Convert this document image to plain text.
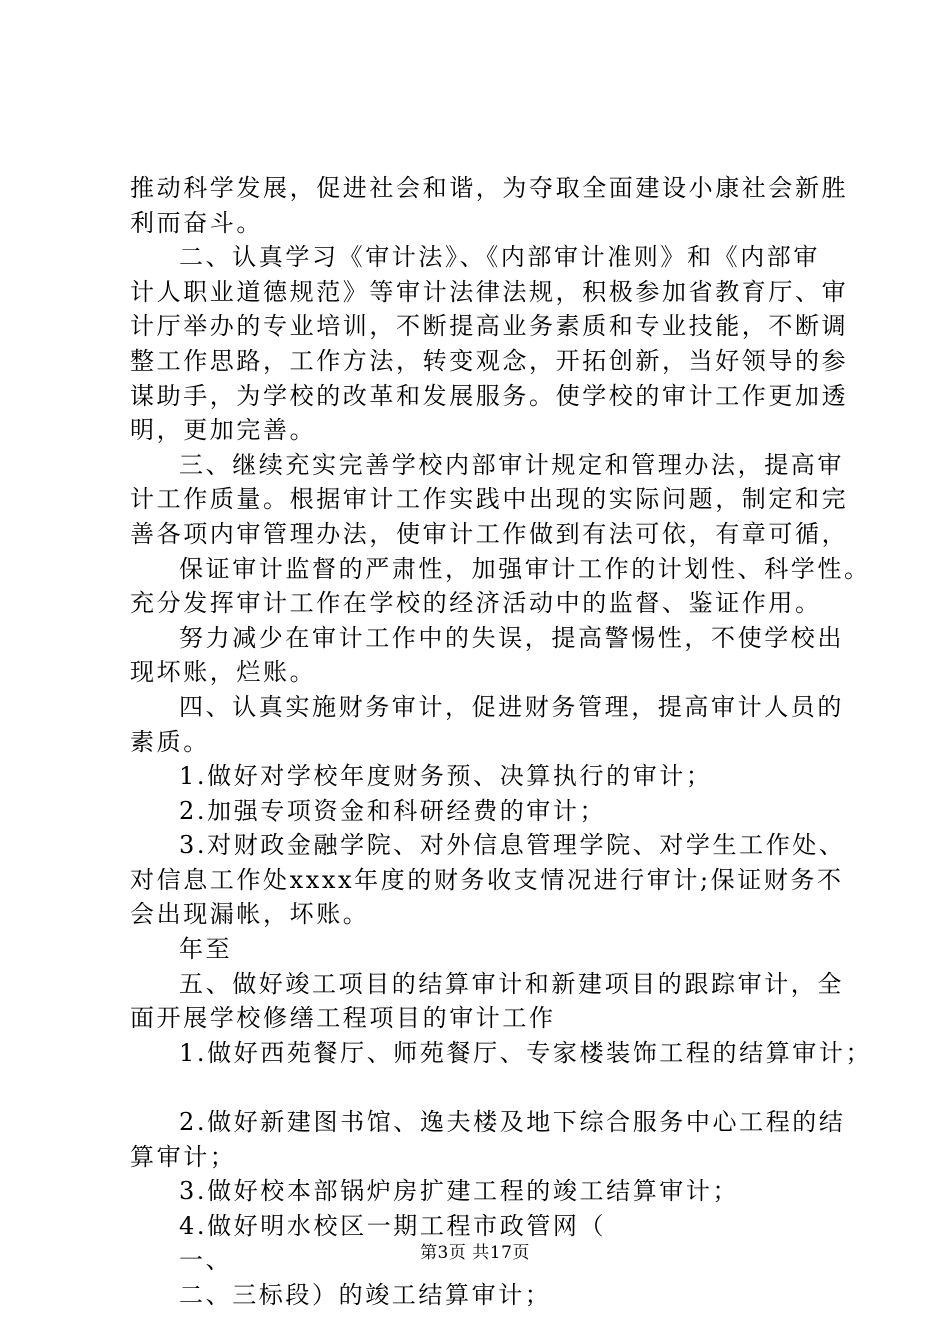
推动科学发展，促进社会和谐，为夺取全面建设小康社会新胜
利而奋斗。
二、认真学习《审计法》、《内部审计准则》和《内部审
计人职业道德规范》等审计法律法规，积极参加省教育厅、审
计厅举办的专业培训，不断提高业务素质和专业技能，不断调
整工作思路，工作方法，转变观念，开拓创新，当好领导的参
谋助手，为学校的改革和发展服务。使学校的审计工作更加透
明，更加完善。
三、继续充实完善学校内部审计规定和管理办法，提高审
计工作质量。根据审计工作实践中出现的实际问题，制定和完
善各项内审管理办法，使审计工作做到有法可依，有章可循，
保证审计监督的严肃性，加强审计工作的计划性、科学性。
充分发挥审计工作在学校的经济活动中的监督、鉴证作用。
努力减少在审计工作中的失误，提高警惕性，不使学校出
现坏账，烂账。
四、认真实施财务审计，促进财务管理，提高审计人员的
素质。
1.做好对学校年度财务预、决算执行的审计；
2.加强专项资金和科研经费的审计；
3.对财政金融学院、对外信息管理学院、对学生工作处、
对信息工作处xxxx年度的财务收支情况进行审计;保证财务不
会出现漏帐，坏账。
年至
五、做好竣工项目的结算审计和新建项目的跟踪审计，全
面开展学校修缮工程项目的审计工作
1.做好西苑餐厅、师苑餐厅、专家楼装饰工程的结算审计；
2.做好新建图书馆、逸夫楼及地下综合服务中心工程的结
算审计；
3.做好校本部锅炉房扩建工程的竣工结算审计；
4.做好明水校区一期工程市政管网（
一、
二、三标段）的竣工结算审计；
第3页 共17页
